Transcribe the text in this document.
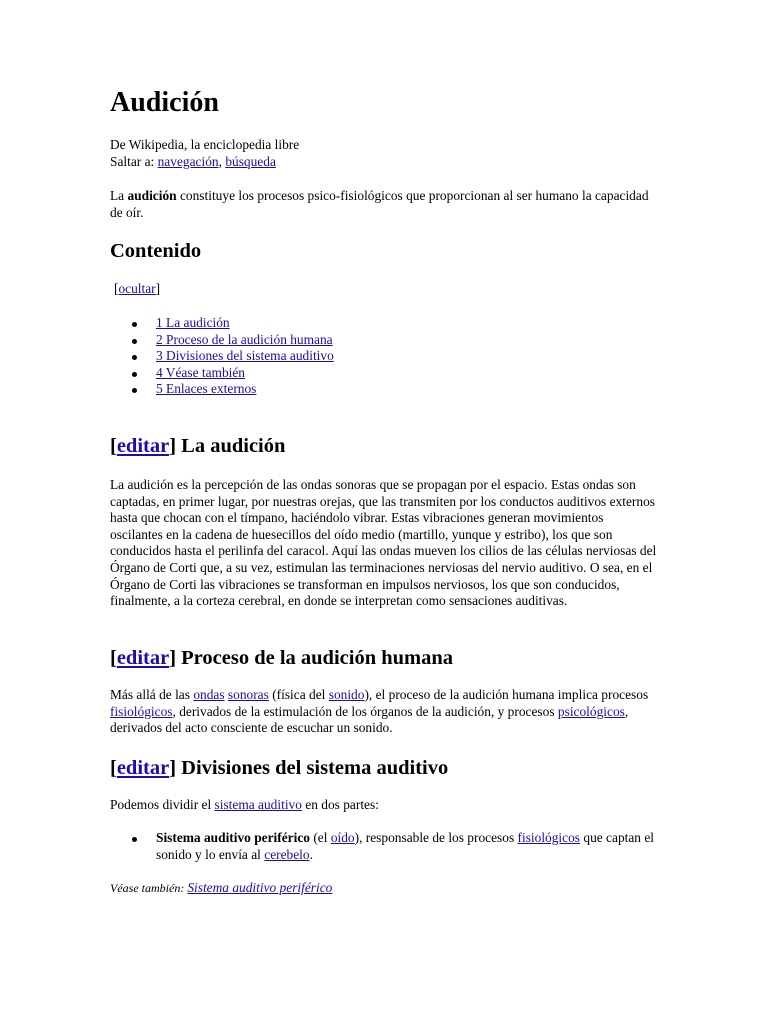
Audición

De Wikipedia, la enciclopedia libre
Saltar a: navegación, búsqueda

La audición constituye los procesos psico-fisiológicos que proporcionan al ser humano la capacidad de oír.

Contenido

[ocultar]

1 La audición
2 Proceso de la audición humana
3 Divisiones del sistema auditivo
4 Véase también
5 Enlaces externos
[editar] La audición

La audición es la percepción de las ondas sonoras que se propagan por el espacio. Estas ondas son captadas, en primer lugar, por nuestras orejas, que las transmiten por los conductos auditivos externos hasta que chocan con el tímpano, haciéndolo vibrar. Estas vibraciones generan movimientos oscilantes en la cadena de huesecillos del oído medio (martillo, yunque y estribo), los que son conducidos hasta el perilinfa del caracol. Aquí las ondas mueven los cilios de las células nerviosas del Órgano de Corti que, a su vez, estimulan las terminaciones nerviosas del nervio auditivo. O sea, en el Órgano de Corti las vibraciones se transforman en impulsos nerviosos, los que son conducidos, finalmente, a la corteza cerebral, en donde se interpretan como sensaciones auditivas.

[editar] Proceso de la audición humana

Más allá de las ondas sonoras (física del sonido), el proceso de la audición humana implica procesos fisiológicos, derivados de la estimulación de los órganos de la audición, y procesos psicológicos, derivados del acto consciente de escuchar un sonido.

[editar] Divisiones del sistema auditivo

Podemos dividir el sistema auditivo en dos partes:

Sistema auditivo periférico (el oído), responsable de los procesos fisiológicos que captan el sonido y lo envía al cerebelo.

Véase también: Sistema auditivo periférico
